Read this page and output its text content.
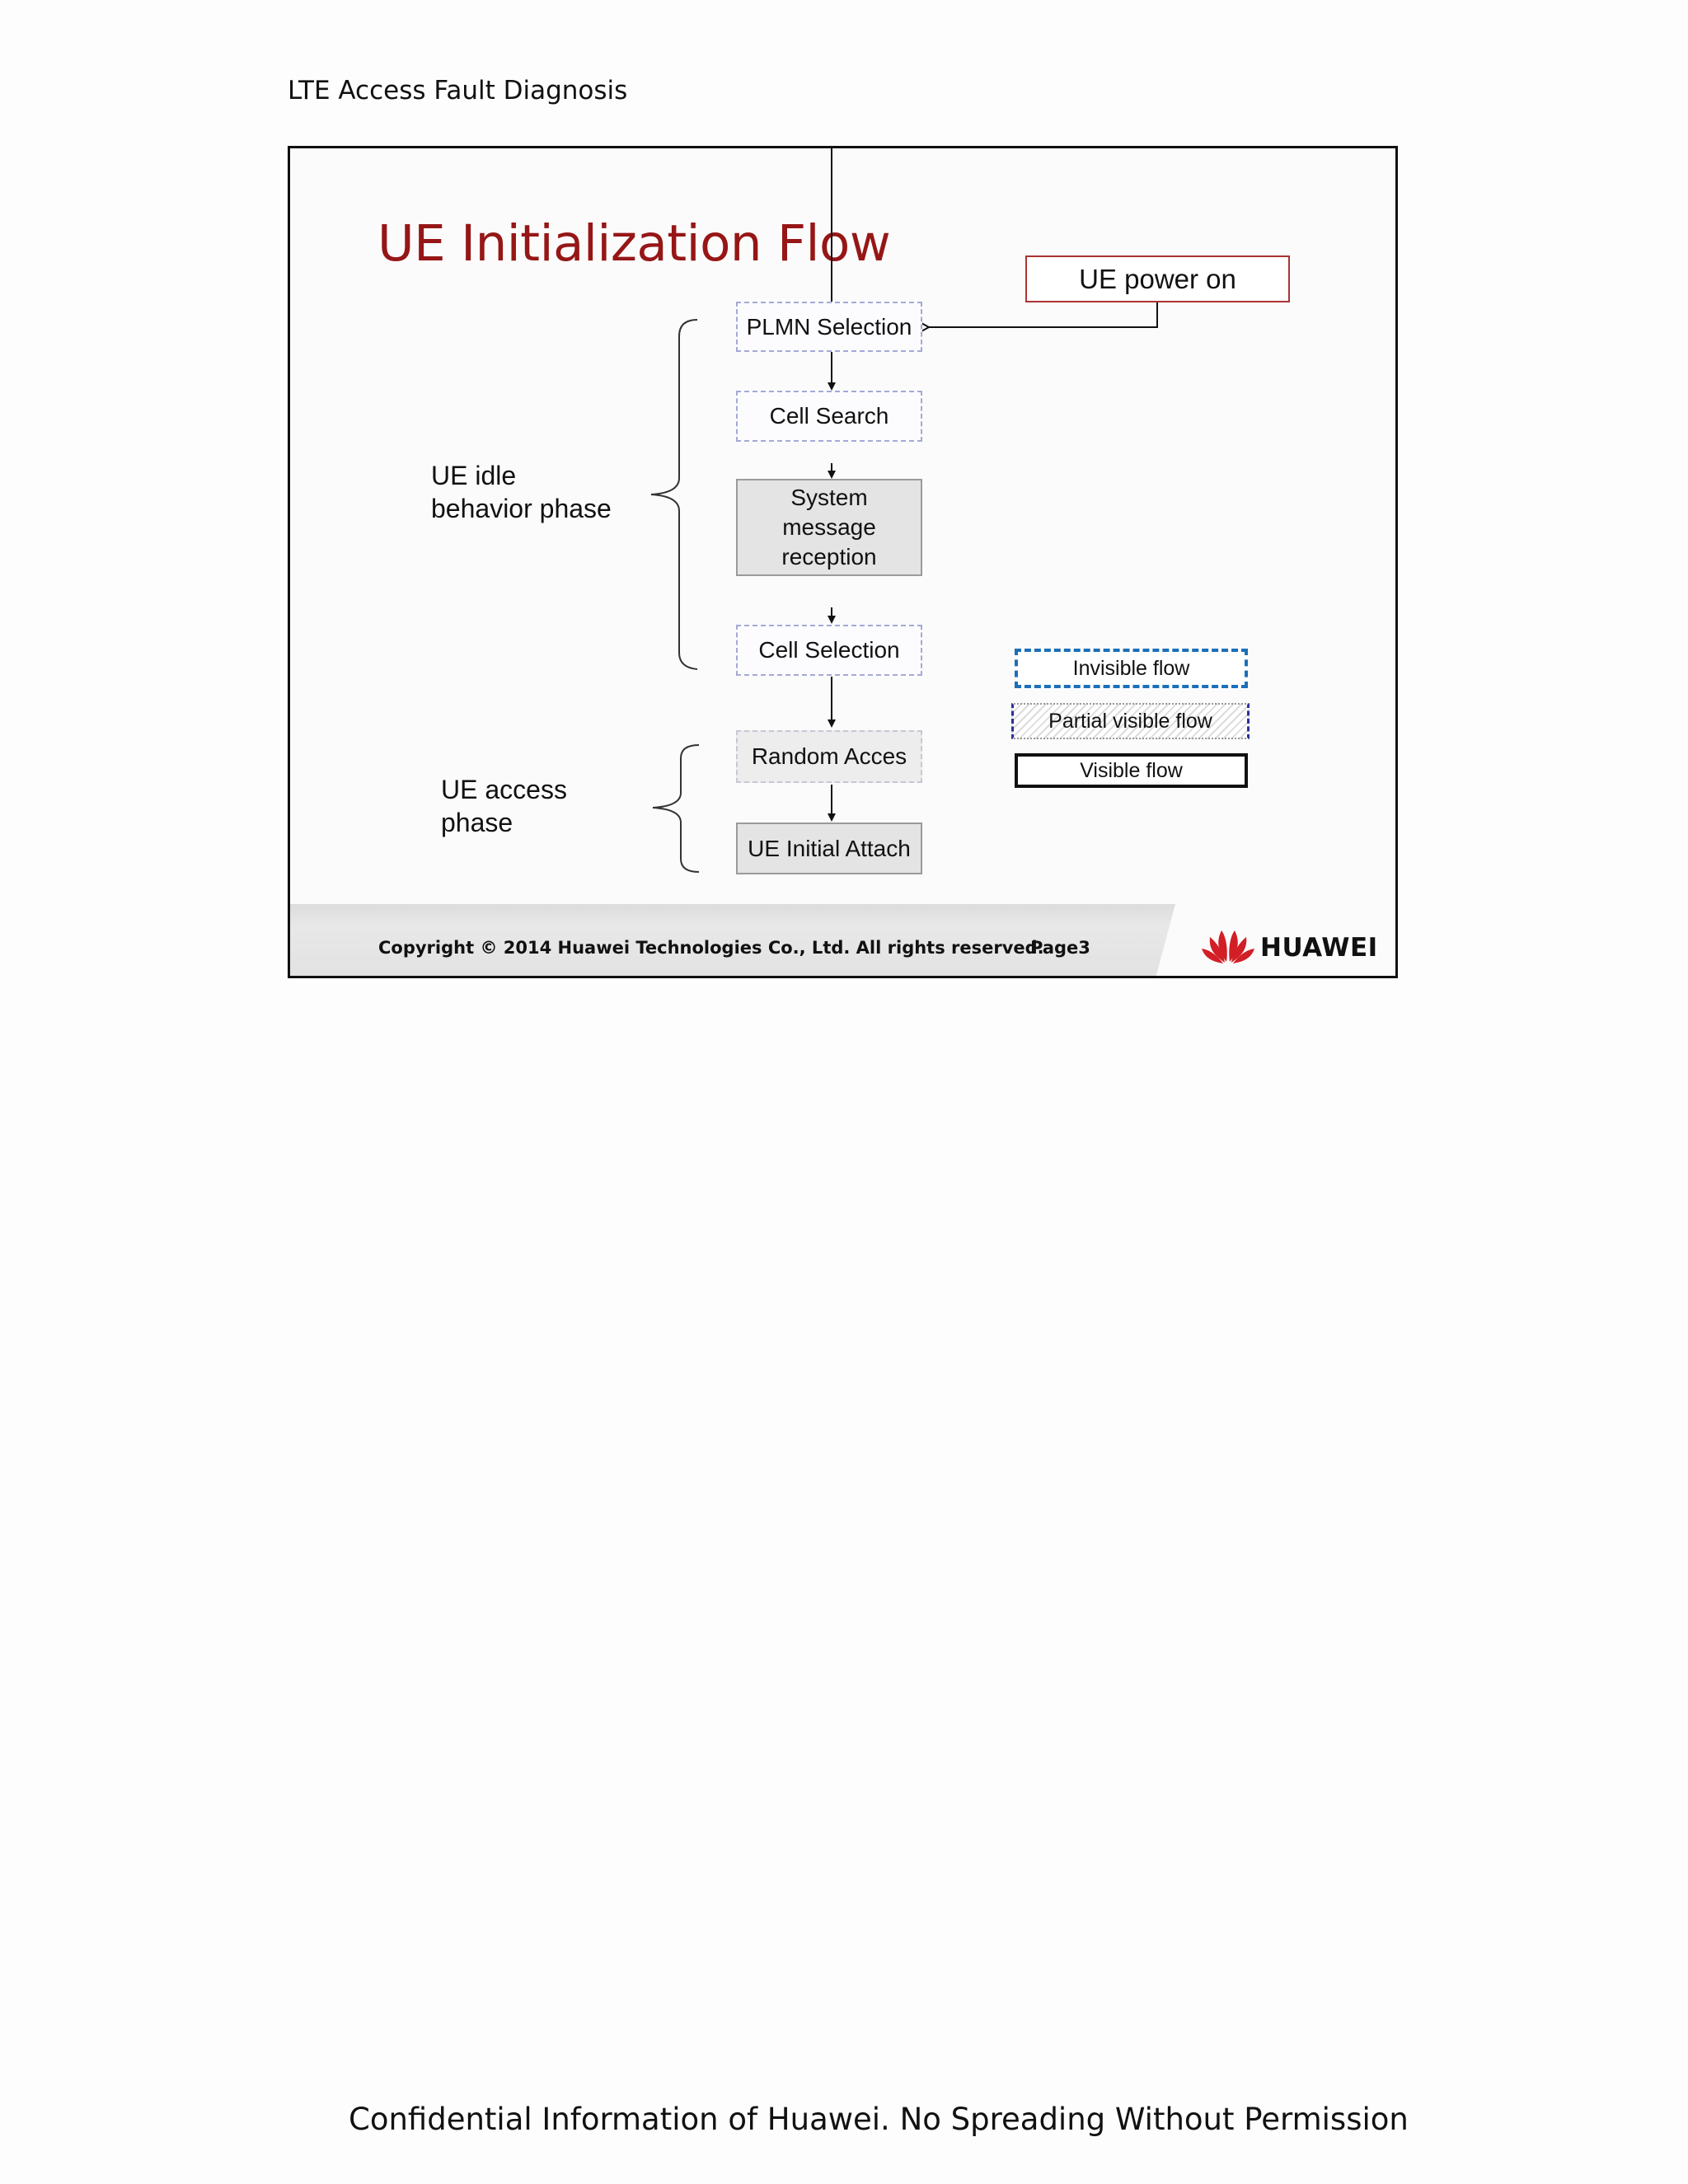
LTE Access Fault Diagnosis
UE Initialization Flow
UE power on
PLMN Selection
Cell Search
System
message
reception
Cell Selection
Random Acces
UE Initial Attach
UE idle
behavior phase
UE access
phase
Invisible flow
Partial visible flow
Visible flow
Copyright © 2014 Huawei Technologies Co., Ltd. All rights reserved.
Page3	HUAWEI
Confidential Information of Huawei. No Spreading Without Permission
